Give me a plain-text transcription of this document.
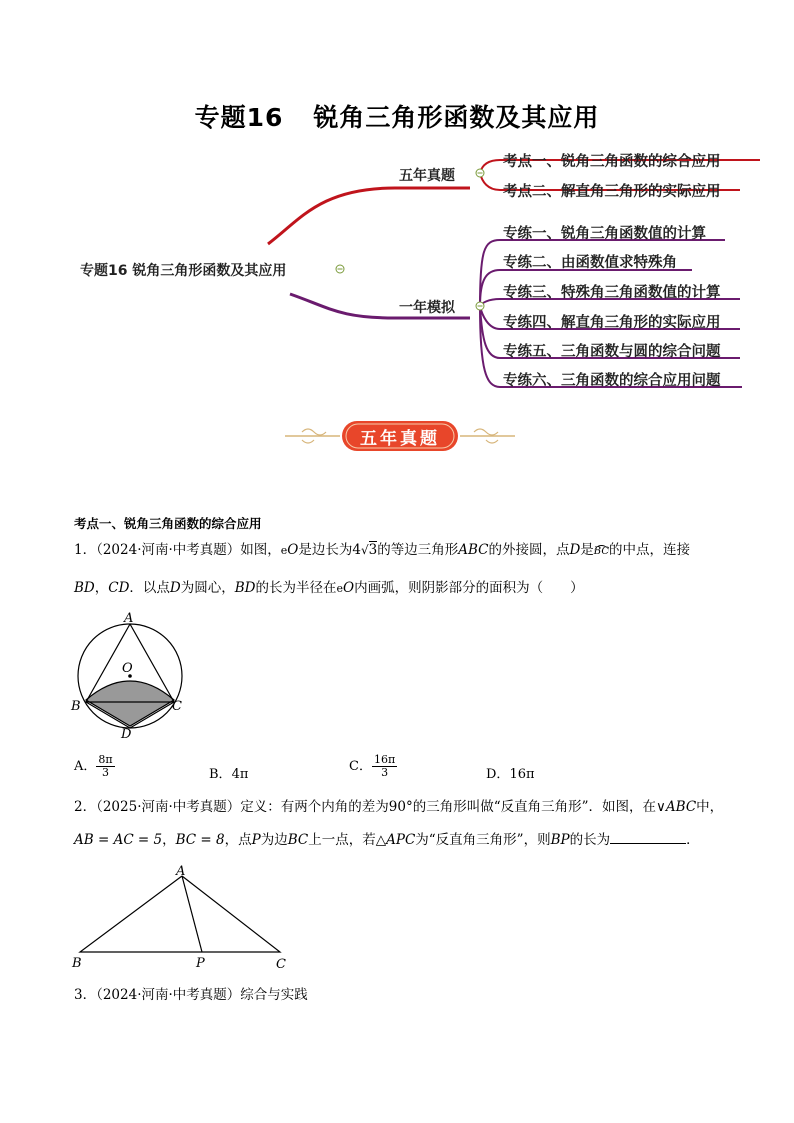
专题16 锐角三角形函数及其应用
专题16 锐角三角形函数及其应用
五年真题
一年模拟
考点一、锐角三角函数的综合应用
考点二、解直角三角形的实际应用
专练一、锐角三角函数值的计算
专练二、由函数值求特殊角
专练三、特殊角三角函数值的计算
专练四、解直角三角形的实际应用
专练五、三角函数与圆的综合问题
专练六、三角函数的综合应用问题
五年真题
考点一、锐角三角函数的综合应用
1．（2024·河南·中考真题）如图，eO是边长为4√3的等边三角形ABC的外接圆，点D是BC的中点，连接
BD，CD．以点D为圆心，BD的长为半径在eO内画弧，则阴影部分的面积为（　　）
A
O
B	C
D
A． $\frac{8\pi}{3}$	B．4π
C． $\frac{16\pi}{3}$	D．16π
2．（2025·河南·中考真题）定义：有两个内角的差为90°的三角形叫做“反直角三角形”．如图，在∨ABC中，
AB = AC = 5，BC = 8，点P为边BC上一点，若△APC为“反直角三角形”，则BP的长为	．
A
B	P	C
3．（2024·河南·中考真题）综合与实践
